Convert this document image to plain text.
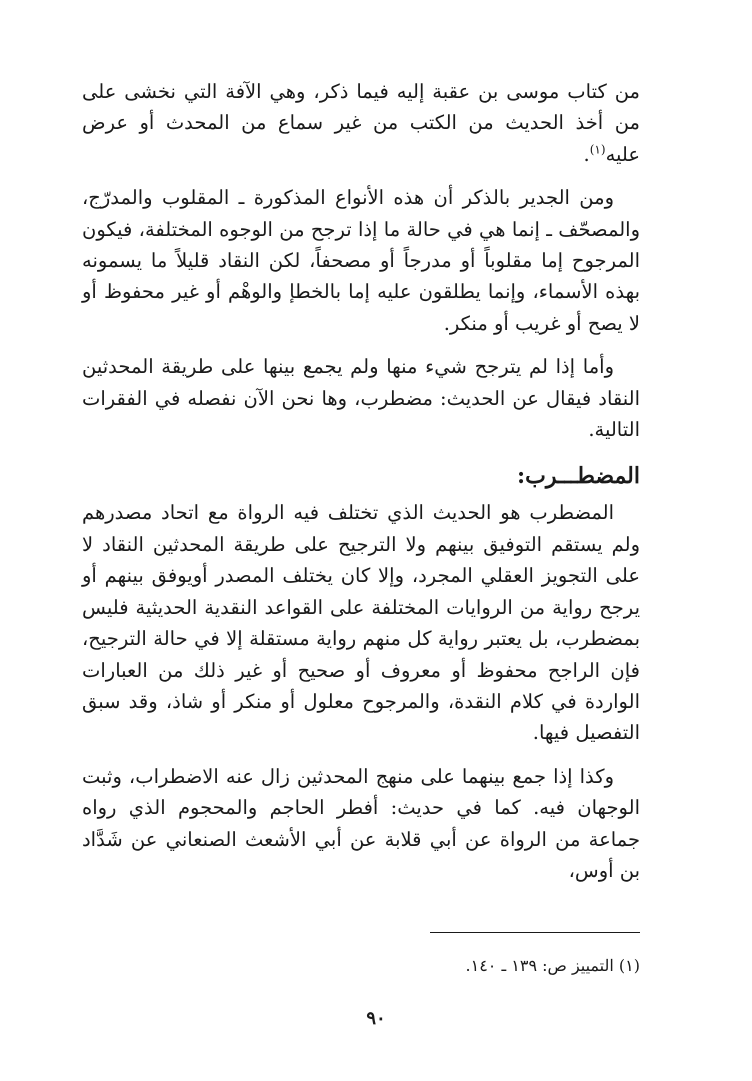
من كتاب موسى بن عقبة إليه فيما ذكر، وهي الآفة التي نخشى على من أخذ الحديث من الكتب من غير سماع من المحدث أو عرض عليه$^{(١)}$.

ومن الجدير بالذكر أن هذه الأنواع المذكورة ـ المقلوب والمدرّج، والمصحّف ـ إنما هي في حالة ما إذا ترجح من الوجوه المختلفة، فيكون المرجوح إما مقلوباً أو مدرجاً أو مصحفاً، لكن النقاد قليلاً ما يسمونه بهذه الأسماء، وإنما يطلقون عليه إما بالخطإ والوهْم أو غير محفوظ أو لا يصح أو غريب أو منكر.

وأما إذا لم يترجح شيء منها ولم يجمع بينها على طريقة المحدثين النقاد فيقال عن الحديث: مضطرب، وها نحن الآن نفصله في الفقرات التالية.

المضطـــرب:

المضطرب هو الحديث الذي تختلف فيه الرواة مع اتحاد مصدرهم ولم يستقم التوفيق بينهم ولا الترجيح على طريقة المحدثين النقاد لا على التجويز العقلي المجرد، وإلا كان يختلف المصدر أويوفق بينهم أو يرجح رواية من الروايات المختلفة على القواعد النقدية الحديثية فليس بمضطرب، بل يعتبر رواية كل منهم رواية مستقلة إلا في حالة الترجيح، فإن الراجح محفوظ أو معروف أو صحيح أو غير ذلك من العبارات الواردة في كلام النقدة، والمرجوح معلول أو منكر أو شاذ، وقد سبق التفصيل فيها.

وكذا إذا جمع بينهما على منهج المحدثين زال عنه الاضطراب، وثبت الوجهان فيه. كما في حديث: أفطر الحاجم والمحجوم الذي رواه جماعة من الرواة عن أبي قلابة عن أبي الأشعث الصنعاني عن شَدَّاد بن أوس،

(١) التمييز ص: ١٣٩ ـ ١٤٠.
٩٠
